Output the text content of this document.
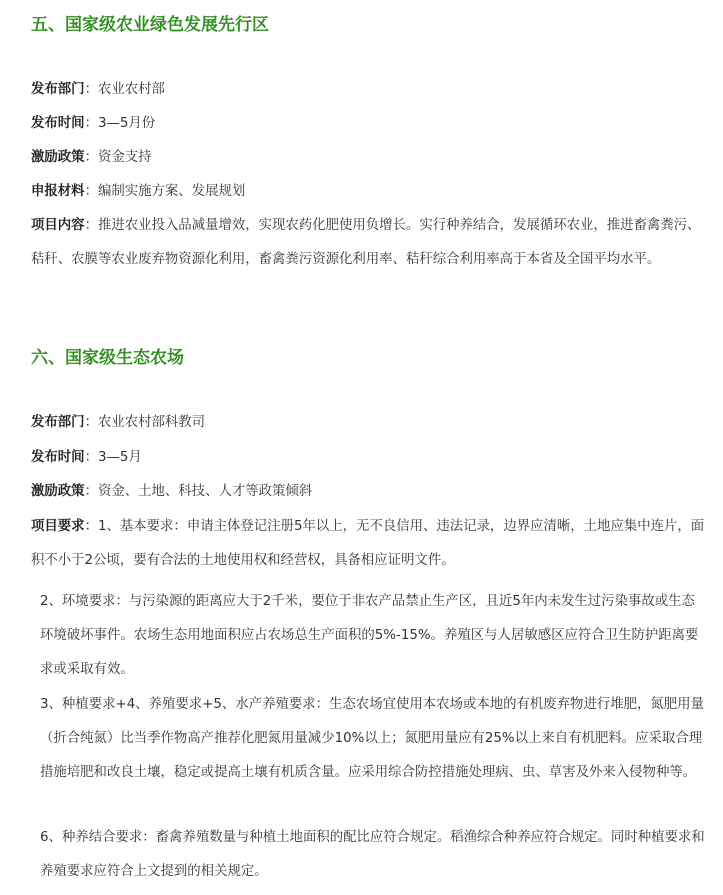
五、国家级农业绿色发展先行区

发布部门：农业农村部

发布时间：3—5月份

激励政策：资金支持

申报材料：编制实施方案、发展规划

项目内容：推进农业投入品减量增效，实现农药化肥使用负增长。实行种养结合，发展循环农业，推进畜禽粪污、秸秆、农膜等农业废弃物资源化利用，畜禽粪污资源化利用率、秸秆综合利用率高于本省及全国平均水平。

六、国家级生态农场

发布部门：农业农村部科教司

发布时间：3—5月

激励政策：资金、土地、科技、人才等政策倾斜

项目要求：1、基本要求：申请主体登记注册5年以上，无不良信用、违法记录，边界应清晰，土地应集中连片，面积不小于2公顷，要有合法的土地使用权和经营权，具备相应证明文件。

2、环境要求：与污染源的距离应大于2千米，要位于非农产品禁止生产区，且近5年内未发生过污染事故或生态环境破坏事件。农场生态用地面积应占农场总生产面积的5%-15%。养殖区与人居敏感区应符合卫生防护距离要求或采取有效。

3、种植要求+4、养殖要求+5、水产养殖要求：生态农场宜使用本农场或本地的有机废弃物进行堆肥，氮肥用量（折合纯氮）比当季作物高产推荐化肥氮用量减少10%以上；氮肥用量应有25%以上来自有机肥料。应采取合理措施培肥和改良土壤，稳定或提高土壤有机质含量。应采用综合防控措施处理病、虫、草害及外来入侵物种等。

6、种养结合要求：畜禽养殖数量与种植土地面积的配比应符合规定。稻渔综合种养应符合规定。同时种植要求和养殖要求应符合上文提到的相关规定。
